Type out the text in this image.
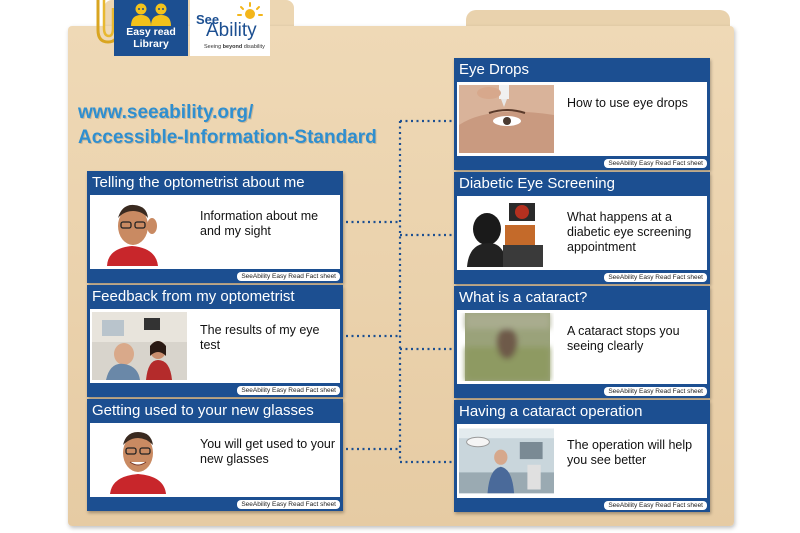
Easy read
Library
See
Ability
Seeing beyond disability
www.seeability.org/
Accessible-Information-Standard
Telling the optometrist about me
Information about me and my sight
SeeAbility Easy Read Fact sheet
Feedback from my optometrist
The results of my eye test
SeeAbility Easy Read Fact sheet
Getting used to your new glasses
You will get used to your new glasses
SeeAbility Easy Read Fact sheet
Eye Drops
How to use eye drops
SeeAbility Easy Read Fact sheet
Diabetic Eye Screening
What happens at a diabetic eye screening appointment
SeeAbility Easy Read Fact sheet
What is a cataract?
A cataract stops you seeing clearly
SeeAbility Easy Read Fact sheet
Having a cataract operation
The operation will help you see better
SeeAbility Easy Read Fact sheet
